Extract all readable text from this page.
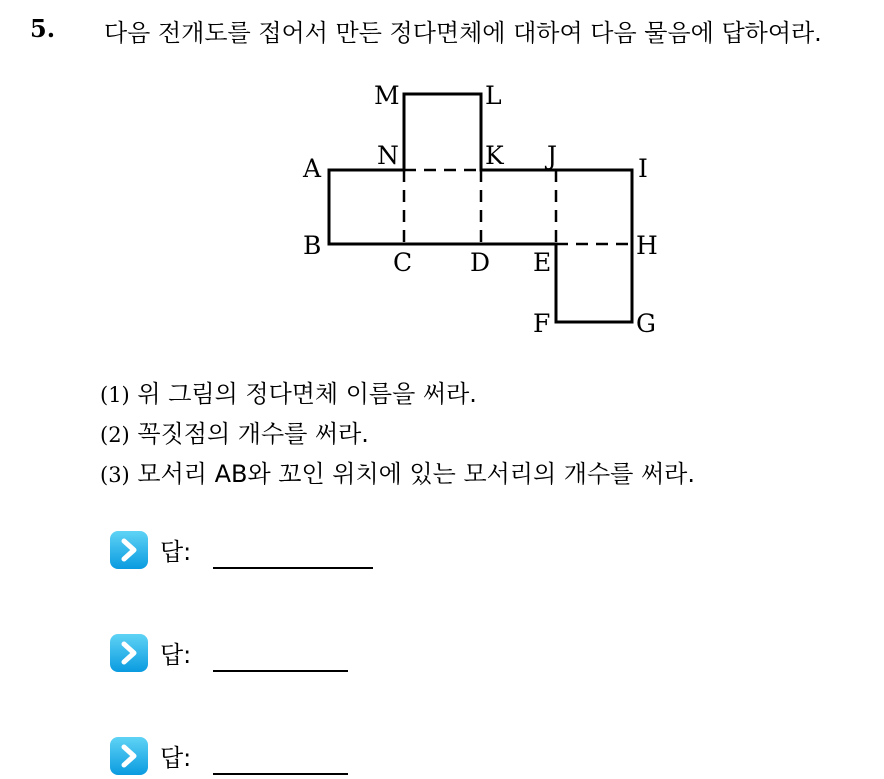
5. 다음 전개도를 접어서 만든 정다면체에 대하여 다음 물음에 답하여라.
M	L
N	K J	I
A
B
C D E
H
F	G
(1) 위 그림의 정다면체 이름을 써라.
(2) 꼭짓점의 개수를 써라.
(3) 모서리 AB와 꼬인 위치에 있는 모서리의 개수를 써라.
답:
답:
답:
